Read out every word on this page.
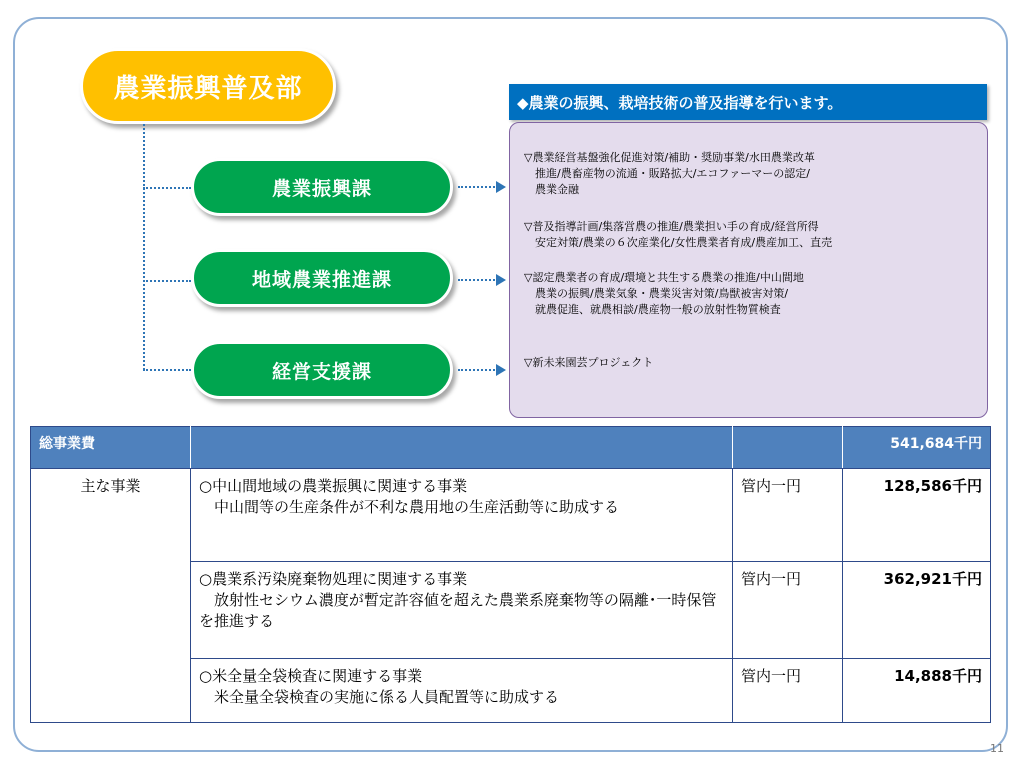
農業振興普及部
農業振興課
地域農業推進課
経営支援課
◆農業の振興、栽培技術の普及指導を行います。
▽農業経営基盤強化促進対策/補助・奨励事業/水田農業改革
　推進/農畜産物の流通・販路拡大/エコファーマーの認定/
　農業金融
▽普及指導計画/集落営農の推進/農業担い手の育成/経営所得
　安定対策/農業の６次産業化/女性農業者育成/農産加工、直売
▽認定農業者の育成/環境と共生する農業の推進/中山間地
　農業の振興/農業気象・農業災害対策/鳥獣被害対策/
　就農促進、就農相談/農産物一般の放射性物質検査
▽新未来園芸プロジェクト
総事業費			541,684千円
主な事業	○中山間地域の農業振興に関連する事業
　中山間等の生産条件が不利な農用地の生産活動等に助成する	管内一円	128,586千円

	○農業系汚染廃棄物処理に関連する事業
　放射性セシウム濃度が暫定許容値を超えた農業系廃棄物等の隔離･一時保管を推進する	管内一円	362,921千円

	○米全量全袋検査に関連する事業
　米全量全袋検査の実施に係る人員配置等に助成する	管内一円	14,888千円
11
